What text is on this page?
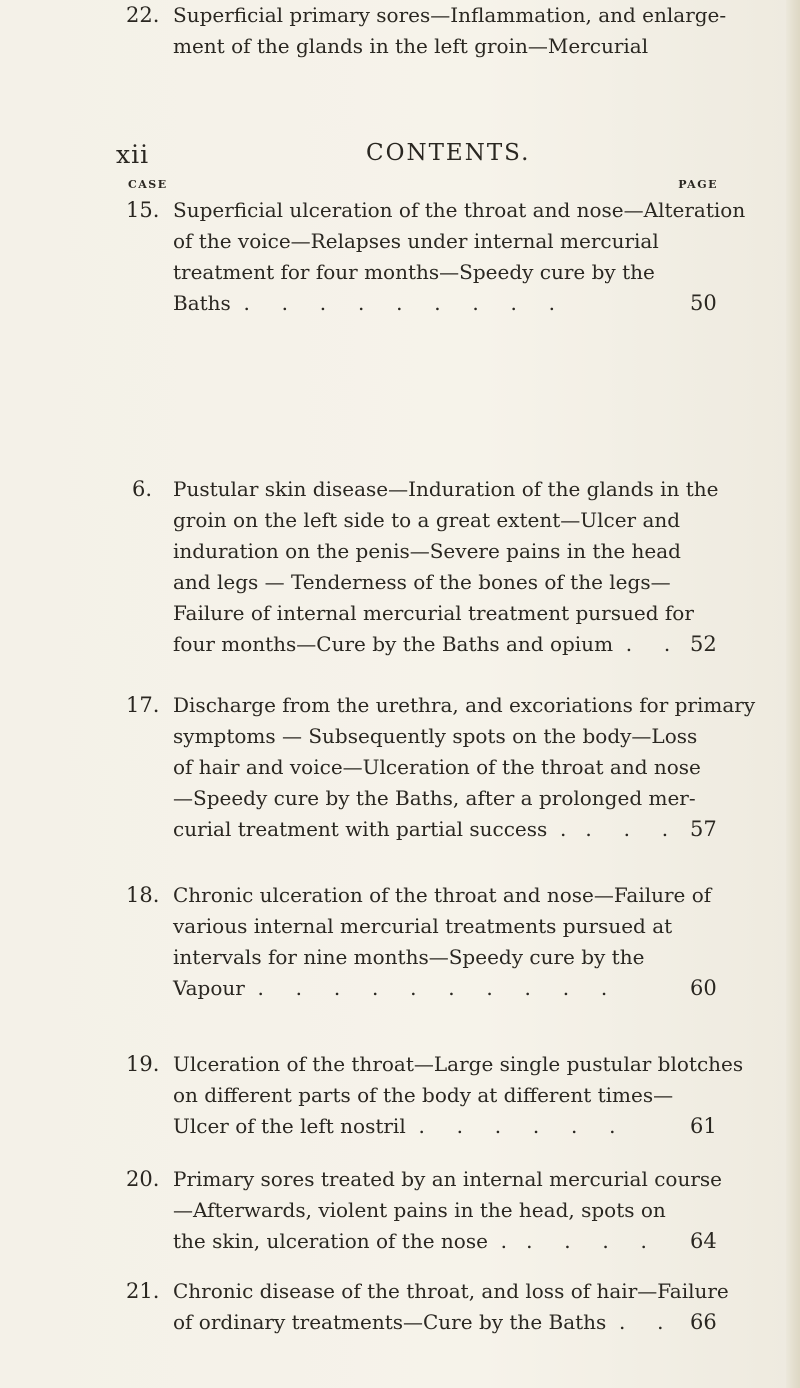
xii	CONTENTS.
CASE	PAGE
15. Superficial ulceration of the throat and nose—Alteration
of the voice—Relapses under internal mercurial
treatment for four months—Speedy cure by the
Baths  .     .     .     .     .     .     .     .     .	50
6. Pustular skin disease—Induration of the glands in the
groin on the left side to a great extent—Ulcer and
induration on the penis—Severe pains in the head
and legs — Tenderness of the bones of the legs—
Failure of internal mercurial treatment pursued for
four months—Cure by the Baths and opium  .     . 52
17. Discharge from the urethra, and excoriations for primary
symptoms — Subsequently spots on the body—Loss
of hair and voice—Ulceration of the throat and nose
—Speedy cure by the Baths, after a prolonged mer-
curial treatment with partial success  .   .     .     . 57
18. Chronic ulceration of the throat and nose—Failure of
various internal mercurial treatments pursued at
intervals for nine months—Speedy cure by the
Vapour  .     .     .     .     .     .     .     .     .     .	60
19. Ulceration of the throat—Large single pustular blotches
on different parts of the body at different times—
Ulcer of the left nostril  .     .     .     .     .     .	61
20. Primary sores treated by an internal mercurial course
—Afterwards, violent pains in the head, spots on
the skin, ulceration of the nose  .   .     .     .     . 64
21. Chronic disease of the throat, and loss of hair—Failure
of ordinary treatments—Cure by the Baths  .     . 66
22. Superficial primary sores—Inflammation, and enlarge-
ment of the glands in the left groin—Mercurial
